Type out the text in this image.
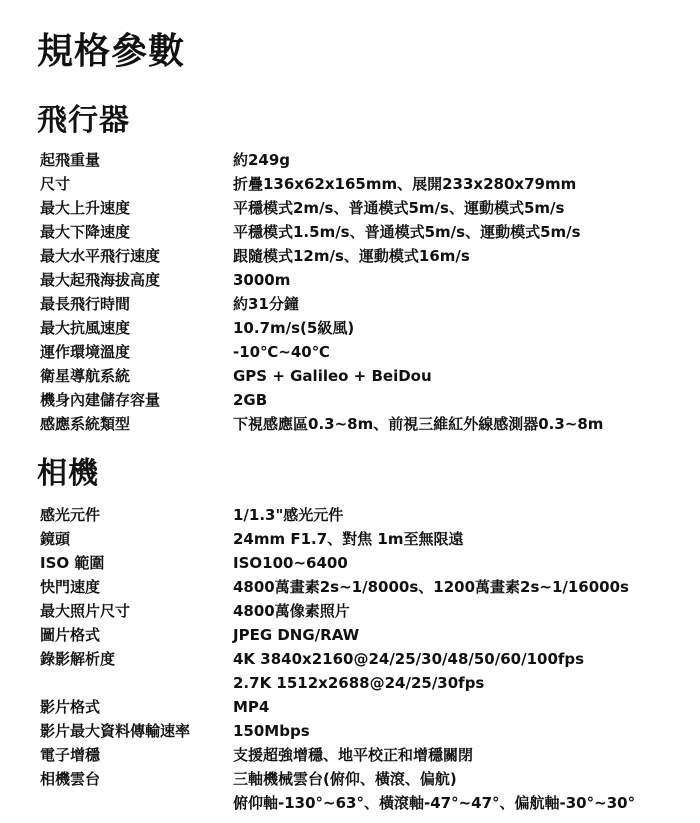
規格參數
飛行器
起飛重量	約249g
尺寸	折疊136x62x165mm、展開233x280x79mm
最大上升速度	平穩模式2m/s、普通模式5m/s、運動模式5m/s
最大下降速度	平穩模式1.5m/s、普通模式5m/s、運動模式5m/s
最大水平飛行速度	跟隨模式12m/s、運動模式16m/s
最大起飛海拔高度	3000m
最長飛行時間	約31分鐘
最大抗風速度	10.7m/s(5級風)
運作環境溫度	-10℃~40℃
衛星導航系統	GPS + Galileo + BeiDou
機身內建儲存容量	2GB
感應系統類型	下視感應區0.3~8m、前視三維紅外線感測器0.3~8m
相機
感光元件	1/1.3"感光元件
鏡頭	24mm F1.7、對焦 1m至無限遠
ISO 範圍	ISO100~6400
快門速度	4800萬畫素2s~1/8000s、1200萬畫素2s~1/16000s
最大照片尺寸	4800萬像素照片
圖片格式	JPEG DNG/RAW
錄影解析度	4K 3840x2160@24/25/30/48/50/60/100fps
2.7K 1512x2688@24/25/30fps
影片格式	MP4
影片最大資料傳輸速率	150Mbps
電子增穩	支援超強增穩、地平校正和增穩關閉
相機雲台	三軸機械雲台(俯仰、橫滾、偏航)
俯仰軸-130°~63°、橫滾軸-47°~47°、偏航軸-30°~30°
